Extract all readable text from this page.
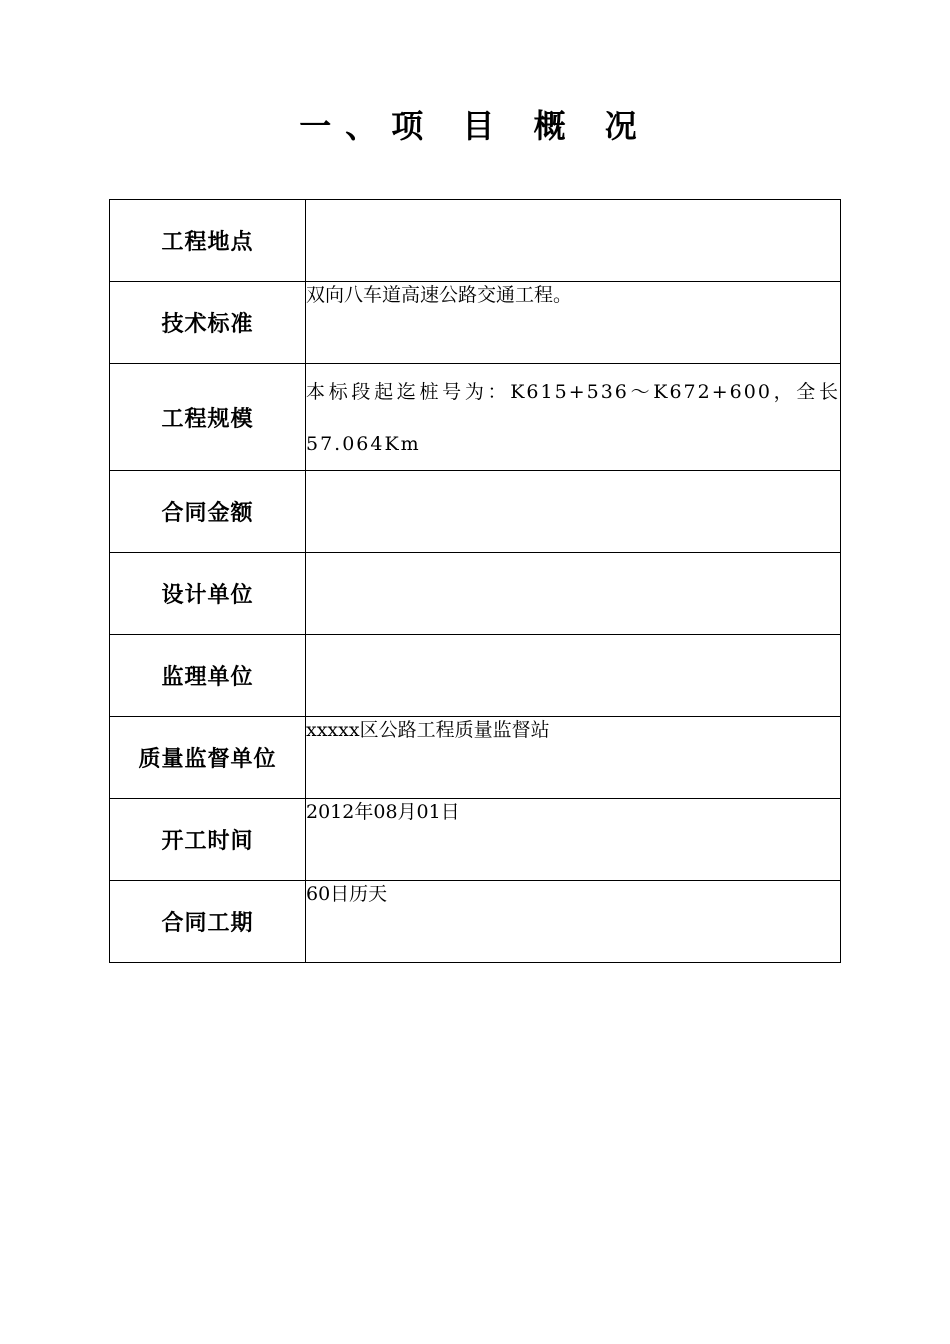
一、项 目 概 况
工程地点	
技术标准	双向八车道高速公路交通工程。
工程规模	本标段起迄桩号为：K615+536～K672+600，全长57.064Km
合同金额	
设计单位	
监理单位	
质量监督单位	xxxxx区公路工程质量监督站
开工时间	2012年08月01日
合同工期	60日历天
